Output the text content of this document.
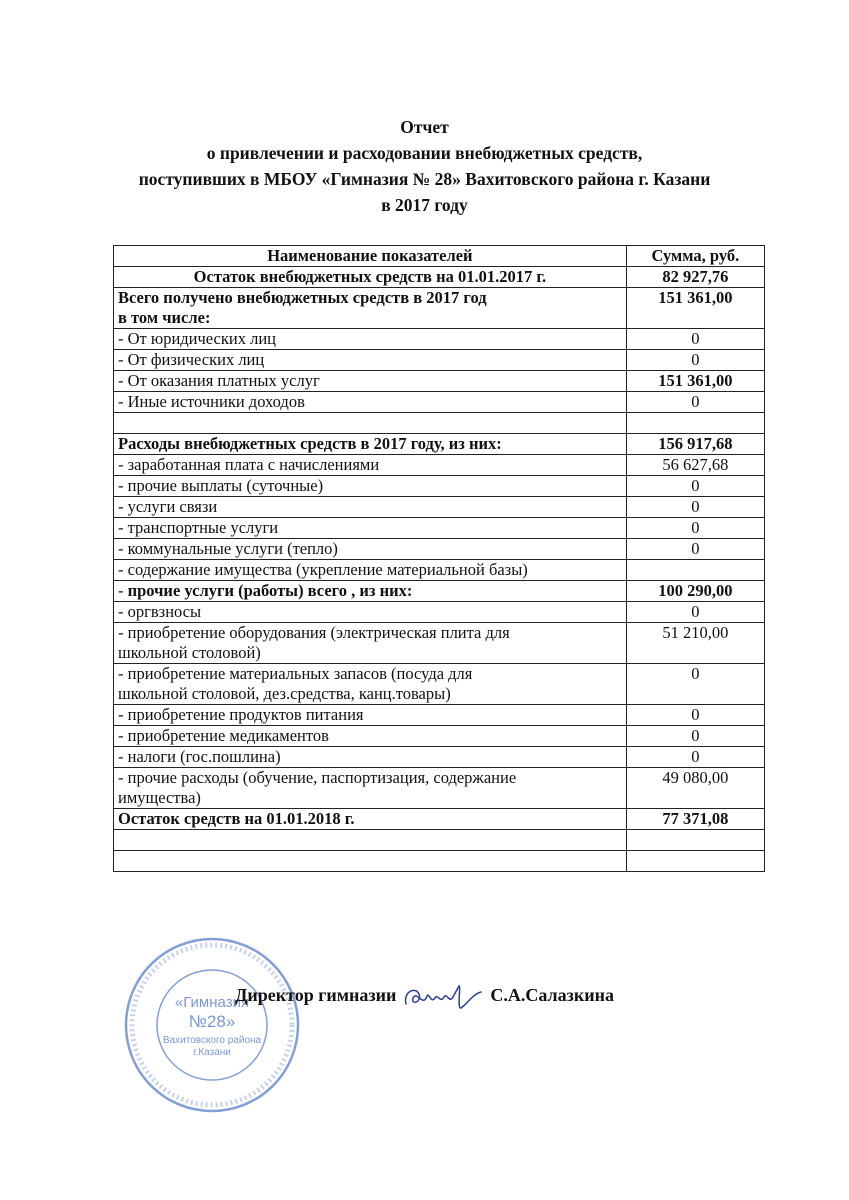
Отчет
о привлечении и расходовании внебюджетных средств,
поступивших в МБОУ «Гимназия № 28» Вахитовского района г. Казани
в 2017 году
Наименование показателей	Сумма, руб.
Остаток внебюджетных средств на 01.01.2017 г.	82 927,76
Всего получено внебюджетных средств в 2017 год
в том числе:	151 361,00
- От юридических лиц	0
- От физических лиц	0
- От оказания платных услуг	151 361,00
- Иные источники доходов	0

Расходы внебюджетных средств в 2017 году, из них:	156 917,68
- заработанная плата с начислениями	56 627,68
- прочие выплаты (суточные)	0
- услуги связи	0
- транспортные услуги	0
- коммунальные услуги (тепло)	0
- содержание имущества (укрепление материальной базы)	
- прочие услуги (работы) всего , из них:	100 290,00
- оргвзносы	0
- приобретение оборудования (электрическая плита для
школьной столовой)	51 210,00
- приобретение материальных запасов (посуда для
школьной столовой, дез.средства, канц.товары)	0
- приобретение продуктов питания	0
- приобретение медикаментов	0
- налоги (гос.пошлина)	0
- прочие расходы (обучение, паспортизация, содержание
имущества)	49 080,00
Остаток средств на 01.01.2018 г.	77 371,08

«Гимназия
№28»
Вахитовского района
г.Казани
Директор гимназии	С.А.Салазкина
